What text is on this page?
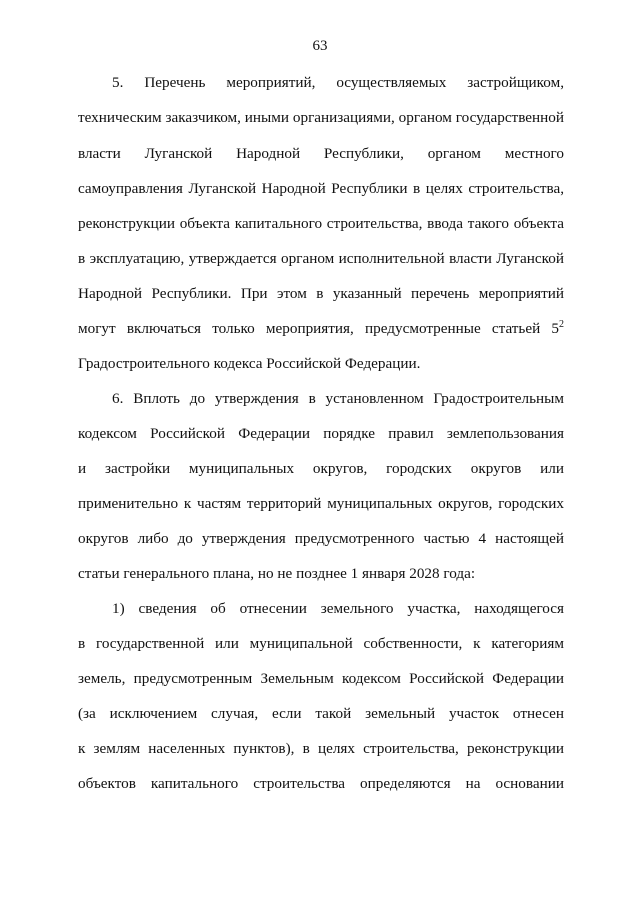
63
5. Перечень мероприятий, осуществляемых застройщиком,
техническим заказчиком, иными организациями, органом государственной
власти Луганской Народной Республики, органом местного
самоуправления Луганской Народной Республики в целях строительства,
реконструкции объекта капитального строительства, ввода такого объекта
в эксплуатацию, утверждается органом исполнительной власти Луганской
Народной Республики. При этом в указанный перечень мероприятий
могут включаться только мероприятия, предусмотренные статьей $5^2$
Градостроительного кодекса Российской Федерации.
6. Вплоть до утверждения в установленном Градостроительным
кодексом Российской Федерации порядке правил землепользования
и застройки муниципальных округов, городских округов или
применительно к частям территорий муниципальных округов, городских
округов либо до утверждения предусмотренного частью 4 настоящей
статьи генерального плана, но не позднее 1 января 2028 года:
1) сведения об отнесении земельного участка, находящегося
в государственной или муниципальной собственности, к категориям
земель, предусмотренным Земельным кодексом Российской Федерации
(за исключением случая, если такой земельный участок отнесен
к землям населенных пунктов), в целях строительства, реконструкции
объектов капитального строительства определяются на основании
